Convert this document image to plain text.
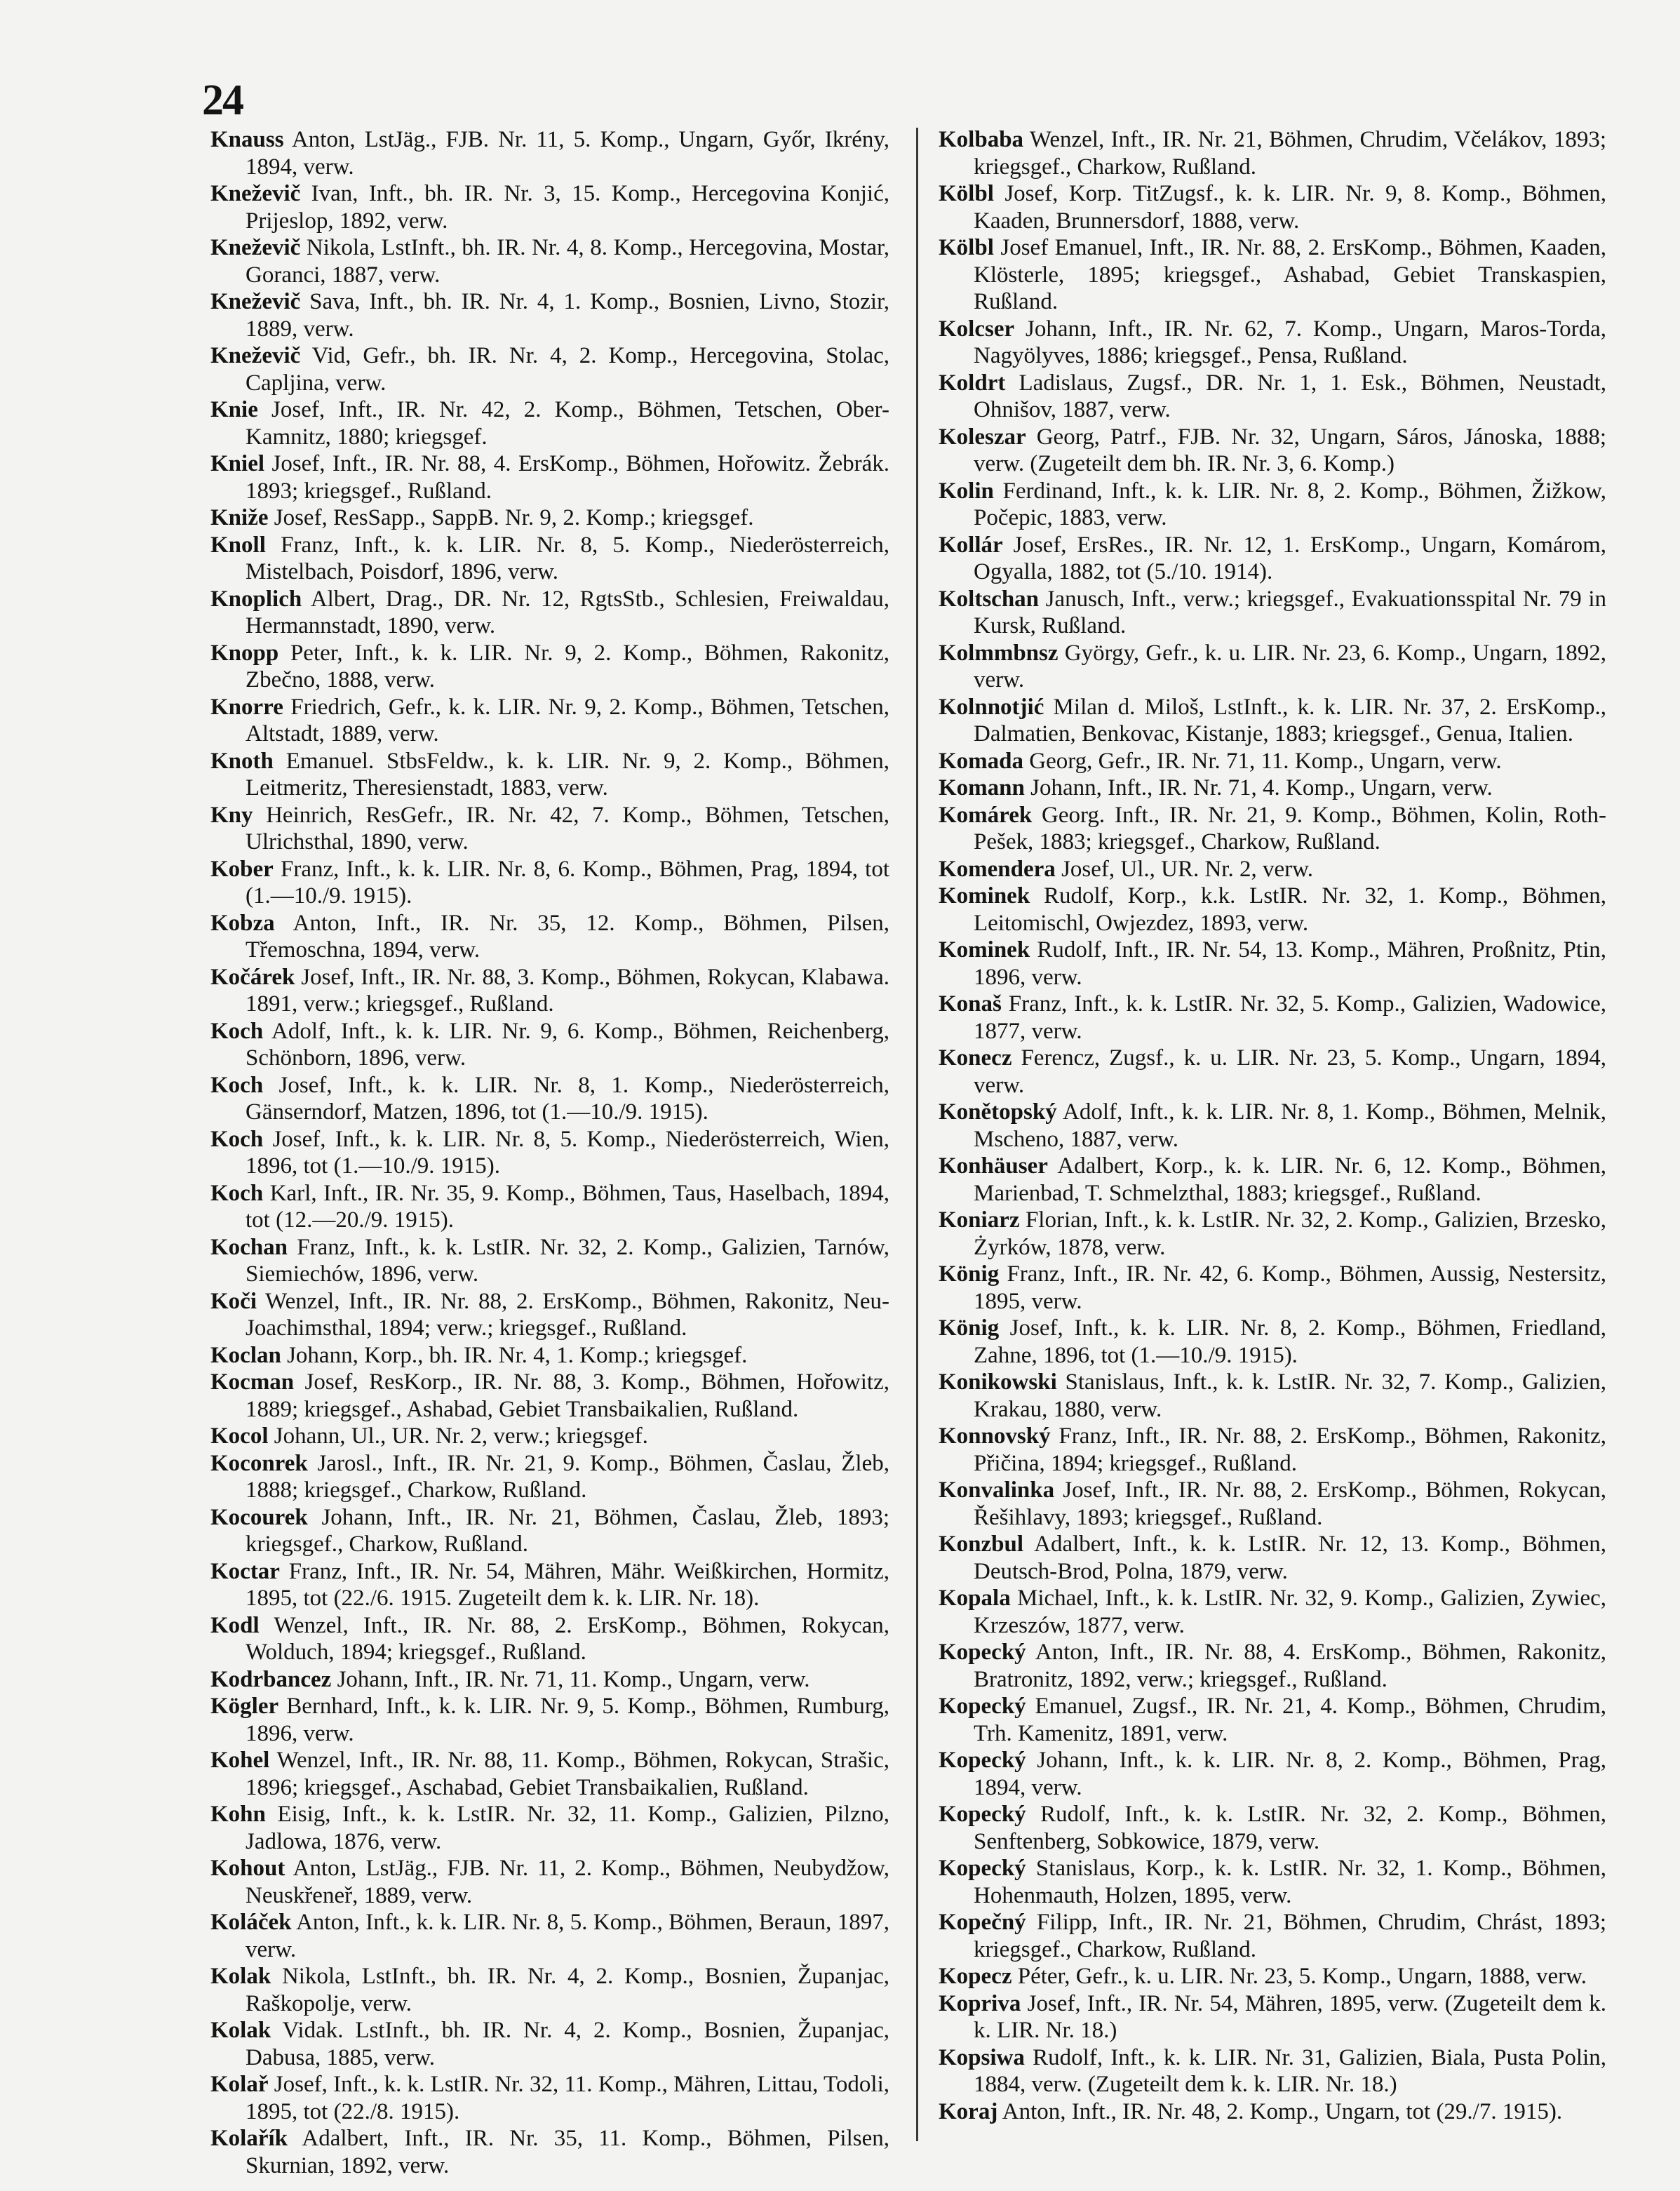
24

Knauss Anton, LstJäg., FJB. Nr. 11, 5. Komp., Ungarn, Győr, Ikrény, 1894, verw.

Kneževič Ivan, Inft., bh. IR. Nr. 3, 15. Komp., Hercegovina Konjić, Prijeslop, 1892, verw.

Kneževič Nikola, LstInft., bh. IR. Nr. 4, 8. Komp., Hercegovina, Mostar, Goranci, 1887, verw.

Kneževič Sava, Inft., bh. IR. Nr. 4, 1. Komp., Bosnien, Livno, Stozir, 1889, verw.

Kneževič Vid, Gefr., bh. IR. Nr. 4, 2. Komp., Hercegovina, Stolac, Capljina, verw.

Knie Josef, Inft., IR. Nr. 42, 2. Komp., Böhmen, Tetschen, Ober-Kamnitz, 1880; kriegsgef.

Kniel Josef, Inft., IR. Nr. 88, 4. ErsKomp., Böhmen, Hořowitz. Žebrák. 1893; kriegsgef., Rußland.

Kniže Josef, ResSapp., SappB. Nr. 9, 2. Komp.; kriegsgef.

Knoll Franz, Inft., k. k. LIR. Nr. 8, 5. Komp., Niederösterreich, Mistelbach, Poisdorf, 1896, verw.

Knoplich Albert, Drag., DR. Nr. 12, RgtsStb., Schlesien, Freiwaldau, Hermannstadt, 1890, verw.

Knopp Peter, Inft., k. k. LIR. Nr. 9, 2. Komp., Böhmen, Rakonitz, Zbečno, 1888, verw.

Knorre Friedrich, Gefr., k. k. LIR. Nr. 9, 2. Komp., Böhmen, Tetschen, Altstadt, 1889, verw.

Knoth Emanuel. StbsFeldw., k. k. LIR. Nr. 9, 2. Komp., Böhmen, Leitmeritz, Theresienstadt, 1883, verw.

Kny Heinrich, ResGefr., IR. Nr. 42, 7. Komp., Böhmen, Tetschen, Ulrichsthal, 1890, verw.

Kober Franz, Inft., k. k. LIR. Nr. 8, 6. Komp., Böhmen, Prag, 1894, tot (1.—10./9. 1915).

Kobza Anton, Inft., IR. Nr. 35, 12. Komp., Böhmen, Pilsen, Třemoschna, 1894, verw.

Kočárek Josef, Inft., IR. Nr. 88, 3. Komp., Böhmen, Rokycan, Klabawa. 1891, verw.; kriegsgef., Rußland.

Koch Adolf, Inft., k. k. LIR. Nr. 9, 6. Komp., Böhmen, Reichenberg, Schönborn, 1896, verw.

Koch Josef, Inft., k. k. LIR. Nr. 8, 1. Komp., Niederösterreich, Gänserndorf, Matzen, 1896, tot (1.—10./9. 1915).

Koch Josef, Inft., k. k. LIR. Nr. 8, 5. Komp., Niederösterreich, Wien, 1896, tot (1.—10./9. 1915).

Koch Karl, Inft., IR. Nr. 35, 9. Komp., Böhmen, Taus, Haselbach, 1894, tot (12.—20./9. 1915).

Kochan Franz, Inft., k. k. LstIR. Nr. 32, 2. Komp., Galizien, Tarnów, Siemiechów, 1896, verw.

Koči Wenzel, Inft., IR. Nr. 88, 2. ErsKomp., Böhmen, Rakonitz, Neu-Joachimsthal, 1894; verw.; kriegsgef., Rußland.

Koclan Johann, Korp., bh. IR. Nr. 4, 1. Komp.; kriegsgef.

Kocman Josef, ResKorp., IR. Nr. 88, 3. Komp., Böhmen, Hořowitz, 1889; kriegsgef., Ashabad, Gebiet Transbaikalien, Rußland.

Kocol Johann, Ul., UR. Nr. 2, verw.; kriegsgef.

Koconrek Jarosl., Inft., IR. Nr. 21, 9. Komp., Böhmen, Časlau, Žleb, 1888; kriegsgef., Charkow, Rußland.

Kocourek Johann, Inft., IR. Nr. 21, Böhmen, Časlau, Žleb, 1893; kriegsgef., Charkow, Rußland.

Koctar Franz, Inft., IR. Nr. 54, Mähren, Mähr. Weißkirchen, Hormitz, 1895, tot (22./6. 1915. Zugeteilt dem k. k. LIR. Nr. 18).

Kodl Wenzel, Inft., IR. Nr. 88, 2. ErsKomp., Böhmen, Rokycan, Wolduch, 1894; kriegsgef., Rußland.

Kodrbancez Johann, Inft., IR. Nr. 71, 11. Komp., Ungarn, verw.

Kögler Bernhard, Inft., k. k. LIR. Nr. 9, 5. Komp., Böhmen, Rumburg, 1896, verw.

Kohel Wenzel, Inft., IR. Nr. 88, 11. Komp., Böhmen, Rokycan, Strašic, 1896; kriegsgef., Aschabad, Gebiet Transbaikalien, Rußland.

Kohn Eisig, Inft., k. k. LstIR. Nr. 32, 11. Komp., Galizien, Pilzno, Jadlowa, 1876, verw.

Kohout Anton, LstJäg., FJB. Nr. 11, 2. Komp., Böhmen, Neubydžow, Neuskřeneř, 1889, verw.

Koláček Anton, Inft., k. k. LIR. Nr. 8, 5. Komp., Böhmen, Beraun, 1897, verw.

Kolak Nikola, LstInft., bh. IR. Nr. 4, 2. Komp., Bosnien, Županjac, Raškopolje, verw.

Kolak Vidak. LstInft., bh. IR. Nr. 4, 2. Komp., Bosnien, Županjac, Dabusa, 1885, verw.

Kolař Josef, Inft., k. k. LstIR. Nr. 32, 11. Komp., Mähren, Littau, Todoli, 1895, tot (22./8. 1915).

Kolařík Adalbert, Inft., IR. Nr. 35, 11. Komp., Böhmen, Pilsen, Skurnian, 1892, verw.

Kolbaba Wenzel, Inft., IR. Nr. 21, Böhmen, Chrudim, Včelákov, 1893; kriegsgef., Charkow, Rußland.

Kölbl Josef, Korp. TitZugsf., k. k. LIR. Nr. 9, 8. Komp., Böhmen, Kaaden, Brunnersdorf, 1888, verw.

Kölbl Josef Emanuel, Inft., IR. Nr. 88, 2. ErsKomp., Böhmen, Kaaden, Klösterle, 1895; kriegsgef., Ashabad, Gebiet Transkaspien, Rußland.

Kolcser Johann, Inft., IR. Nr. 62, 7. Komp., Ungarn, Maros-Torda, Nagyölyves, 1886; kriegsgef., Pensa, Rußland.

Koldrt Ladislaus, Zugsf., DR. Nr. 1, 1. Esk., Böhmen, Neustadt, Ohnišov, 1887, verw.

Koleszar Georg, Patrf., FJB. Nr. 32, Ungarn, Sáros, Jánoska, 1888; verw. (Zugeteilt dem bh. IR. Nr. 3, 6. Komp.)

Kolin Ferdinand, Inft., k. k. LIR. Nr. 8, 2. Komp., Böhmen, Žižkow, Počepic, 1883, verw.

Kollár Josef, ErsRes., IR. Nr. 12, 1. ErsKomp., Ungarn, Komárom, Ogyalla, 1882, tot (5./10. 1914).

Koltschan Janusch, Inft., verw.; kriegsgef., Evakuationsspital Nr. 79 in Kursk, Rußland.

Kolmmbnsz György, Gefr., k. u. LIR. Nr. 23, 6. Komp., Ungarn, 1892, verw.

Kolnnotjić Milan d. Miloš, LstInft., k. k. LIR. Nr. 37, 2. ErsKomp., Dalmatien, Benkovac, Kistanje, 1883; kriegsgef., Genua, Italien.

Komada Georg, Gefr., IR. Nr. 71, 11. Komp., Ungarn, verw.

Komann Johann, Inft., IR. Nr. 71, 4. Komp., Ungarn, verw.

Komárek Georg. Inft., IR. Nr. 21, 9. Komp., Böhmen, Kolin, Roth-Pešek, 1883; kriegsgef., Charkow, Rußland.

Komendera Josef, Ul., UR. Nr. 2, verw.

Kominek Rudolf, Korp., k.k. LstIR. Nr. 32, 1. Komp., Böhmen, Leitomischl, Owjezdez, 1893, verw.

Kominek Rudolf, Inft., IR. Nr. 54, 13. Komp., Mähren, Proßnitz, Ptin, 1896, verw.

Konaš Franz, Inft., k. k. LstIR. Nr. 32, 5. Komp., Galizien, Wadowice, 1877, verw.

Konecz Ferencz, Zugsf., k. u. LIR. Nr. 23, 5. Komp., Ungarn, 1894, verw.

Konětopský Adolf, Inft., k. k. LIR. Nr. 8, 1. Komp., Böhmen, Melnik, Mscheno, 1887, verw.

Konhäuser Adalbert, Korp., k. k. LIR. Nr. 6, 12. Komp., Böhmen, Marienbad, T. Schmelzthal, 1883; kriegsgef., Rußland.

Koniarz Florian, Inft., k. k. LstIR. Nr. 32, 2. Komp., Galizien, Brzesko, Żyrków, 1878, verw.

König Franz, Inft., IR. Nr. 42, 6. Komp., Böhmen, Aussig, Nestersitz, 1895, verw.

König Josef, Inft., k. k. LIR. Nr. 8, 2. Komp., Böhmen, Friedland, Zahne, 1896, tot (1.—10./9. 1915).

Konikowski Stanislaus, Inft., k. k. LstIR. Nr. 32, 7. Komp., Galizien, Krakau, 1880, verw.

Konnovský Franz, Inft., IR. Nr. 88, 2. ErsKomp., Böhmen, Rakonitz, Přičina, 1894; kriegsgef., Rußland.

Konvalinka Josef, Inft., IR. Nr. 88, 2. ErsKomp., Böhmen, Rokycan, Řešihlavy, 1893; kriegsgef., Rußland.

Konzbul Adalbert, Inft., k. k. LstIR. Nr. 12, 13. Komp., Böhmen, Deutsch-Brod, Polna, 1879, verw.

Kopala Michael, Inft., k. k. LstIR. Nr. 32, 9. Komp., Galizien, Zywiec, Krzeszów, 1877, verw.

Kopecký Anton, Inft., IR. Nr. 88, 4. ErsKomp., Böhmen, Rakonitz, Bratronitz, 1892, verw.; kriegsgef., Rußland.

Kopecký Emanuel, Zugsf., IR. Nr. 21, 4. Komp., Böhmen, Chrudim, Trh. Kamenitz, 1891, verw.

Kopecký Johann, Inft., k. k. LIR. Nr. 8, 2. Komp., Böhmen, Prag, 1894, verw.

Kopecký Rudolf, Inft., k. k. LstIR. Nr. 32, 2. Komp., Böhmen, Senftenberg, Sobkowice, 1879, verw.

Kopecký Stanislaus, Korp., k. k. LstIR. Nr. 32, 1. Komp., Böhmen, Hohenmauth, Holzen, 1895, verw.

Kopečný Filipp, Inft., IR. Nr. 21, Böhmen, Chrudim, Chrást, 1893; kriegsgef., Charkow, Rußland.

Kopecz Péter, Gefr., k. u. LIR. Nr. 23, 5. Komp., Ungarn, 1888, verw.

Kopriva Josef, Inft., IR. Nr. 54, Mähren, 1895, verw. (Zugeteilt dem k. k. LIR. Nr. 18.)

Kopsiwa Rudolf, Inft., k. k. LIR. Nr. 31, Galizien, Biala, Pusta Polin, 1884, verw. (Zugeteilt dem k. k. LIR. Nr. 18.)

Koraj Anton, Inft., IR. Nr. 48, 2. Komp., Ungarn, tot (29./7. 1915).
